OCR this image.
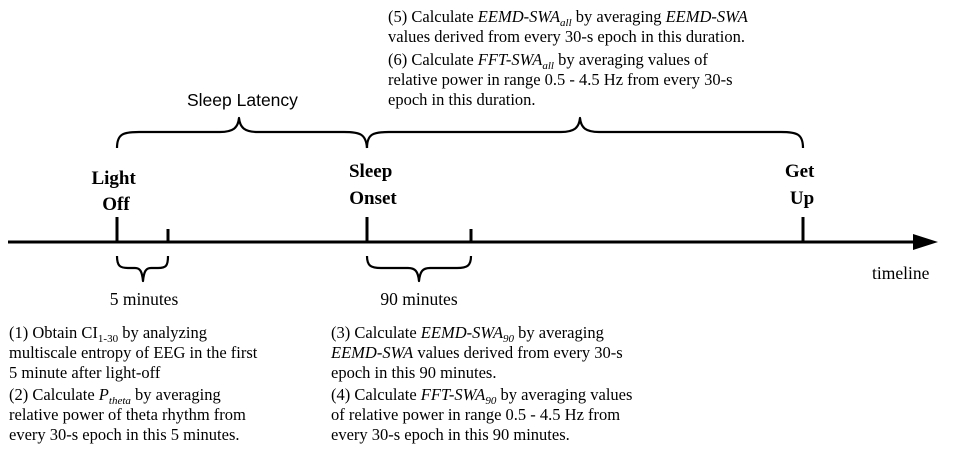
timeline
Light Off
Sleep Onset
Get Up
Sleep Latency
5 minutes	90 minutes
(5) Calculate EEMD-$SWA_{all}$ by averaging EEMD-SWA values derived from every 30-s epoch in this duration.
(6) Calculate FFT-$SWA_{all}$ by averaging values of relative power in range 0.5 - 4.5 Hz from every 30-s epoch in this duration.
(1) Obtain $CI_{1-30}$ by analyzing multiscale entropy of EEG in the first 5 minute after light-off
(2) Calculate $P_{theta}$ by averaging relative power of theta rhythm from every 30-s epoch in this 5 minutes.
(3) Calculate EEMD-$SWA_{90}$ by averaging EEMD-SWA values derived from every 30-s epoch in this 90 minutes.
(4) Calculate FFT-$SWA_{90}$ by averaging values of relative power in range 0.5 - 4.5 Hz from every 30-s epoch in this 90 minutes.
